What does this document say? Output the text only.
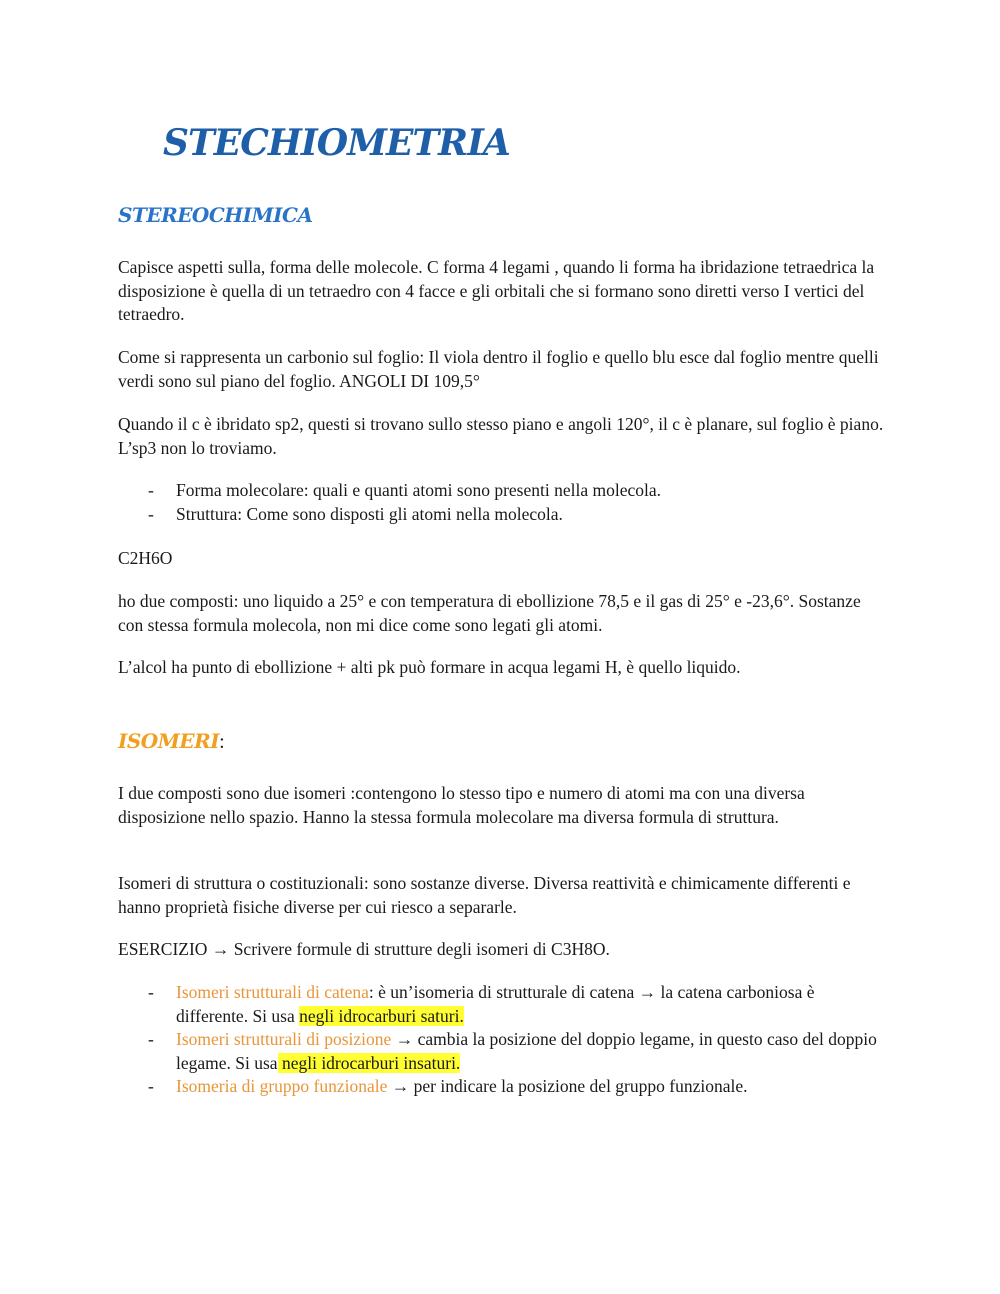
STECHIOMETRIA
STEREOCHIMICA

Capisce aspetti sulla, forma delle molecole. C forma 4 legami , quando li forma ha ibridazione tetraedrica la disposizione è quella di un tetraedro con 4 facce e gli orbitali che si formano sono diretti verso I vertici del tetraedro.

Come si rappresenta un carbonio sul foglio: Il viola dentro il foglio e quello blu esce dal foglio mentre quelli verdi sono sul piano del foglio. ANGOLI DI 109,5°

Quando il c è ibridato sp2, questi si trovano sullo stesso piano e angoli 120°, il c è planare, sul foglio è piano. L’sp3 non lo troviamo.

- Forma molecolare: quali e quanti atomi sono presenti nella molecola.
- Struttura: Come sono disposti gli atomi nella molecola.

C2H6O

ho due composti: uno liquido a 25° e con temperatura di ebollizione 78,5 e il gas di 25° e -23,6°. Sostanze con stessa formula molecola, non mi dice come sono legati gli atomi.

L’alcol ha punto di ebollizione + alti pk può formare in acqua legami H, è quello liquido.

ISOMERI:

I due composti sono due isomeri :contengono lo stesso tipo e numero di atomi ma con una diversa disposizione nello spazio. Hanno la stessa formula molecolare ma diversa formula di struttura.

Isomeri di struttura o costituzionali: sono sostanze diverse. Diversa reattività e chimicamente differenti e hanno proprietà fisiche diverse per cui riesco a separarle.

ESERCIZIO → Scrivere formule di strutture degli isomeri di C3H8O.

- Isomeri strutturali di catena: è un’isomeria di strutturale di catena → la catena carboniosa è differente. Si usa negli idrocarburi saturi.
- Isomeri strutturali di posizione → cambia la posizione del doppio legame, in questo caso del doppio legame. Si usa negli idrocarburi insaturi.
- Isomeria di gruppo funzionale → per indicare la posizione del gruppo funzionale.
